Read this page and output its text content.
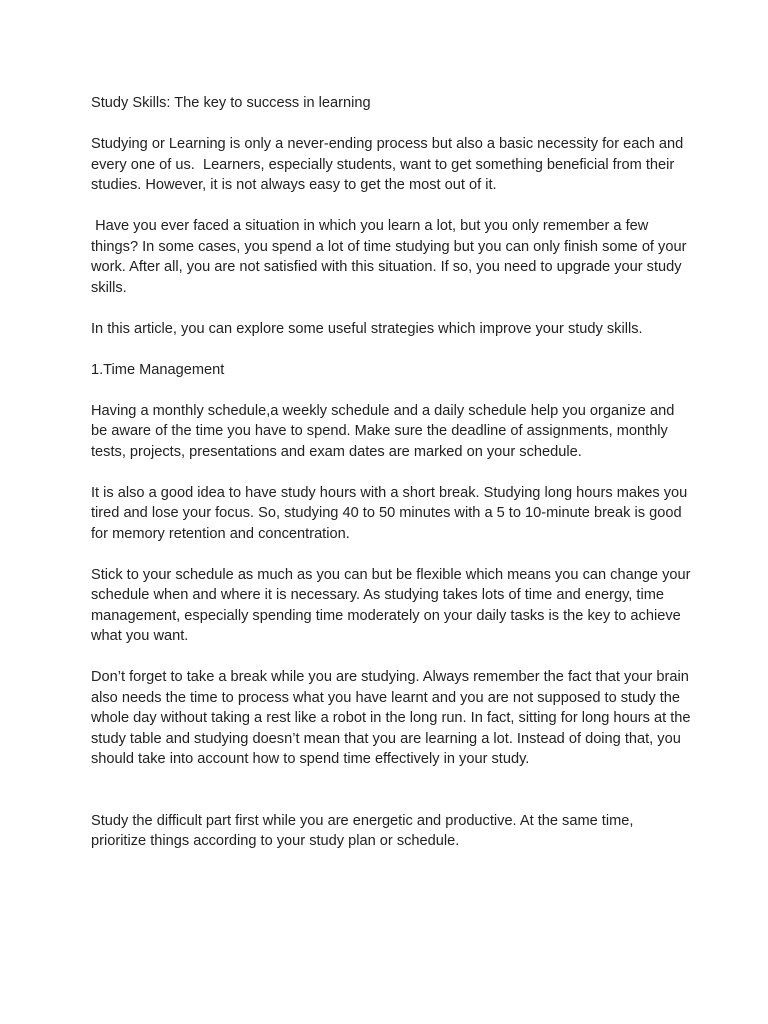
Study Skills: The key to success in learning

Studying or Learning is only a never-ending process but also a basic necessity for each and every one of us.  Learners, especially students, want to get something beneficial from their studies. However, it is not always easy to get the most out of it.

Have you ever faced a situation in which you learn a lot, but you only remember a few things? In some cases, you spend a lot of time studying but you can only finish some of your work. After all, you are not satisfied with this situation. If so, you need to upgrade your study skills.

In this article, you can explore some useful strategies which improve your study skills.

1.Time Management

Having a monthly schedule,a weekly schedule and a daily schedule help you organize and be aware of the time you have to spend. Make sure the deadline of assignments, monthly tests, projects, presentations and exam dates are marked on your schedule.

It is also a good idea to have study hours with a short break. Studying long hours makes you tired and lose your focus. So, studying 40 to 50 minutes with a 5 to 10-minute break is good for memory retention and concentration.

Stick to your schedule as much as you can but be flexible which means you can change your schedule when and where it is necessary. As studying takes lots of time and energy, time management, especially spending time moderately on your daily tasks is the key to achieve what you want.

Don’t forget to take a break while you are studying. Always remember the fact that your brain also needs the time to process what you have learnt and you are not supposed to study the whole day without taking a rest like a robot in the long run. In fact, sitting for long hours at the study table and studying doesn’t mean that you are learning a lot. Instead of doing that, you should take into account how to spend time effectively in your study.

Study the difficult part first while you are energetic and productive. At the same time, prioritize things according to your study plan or schedule.
